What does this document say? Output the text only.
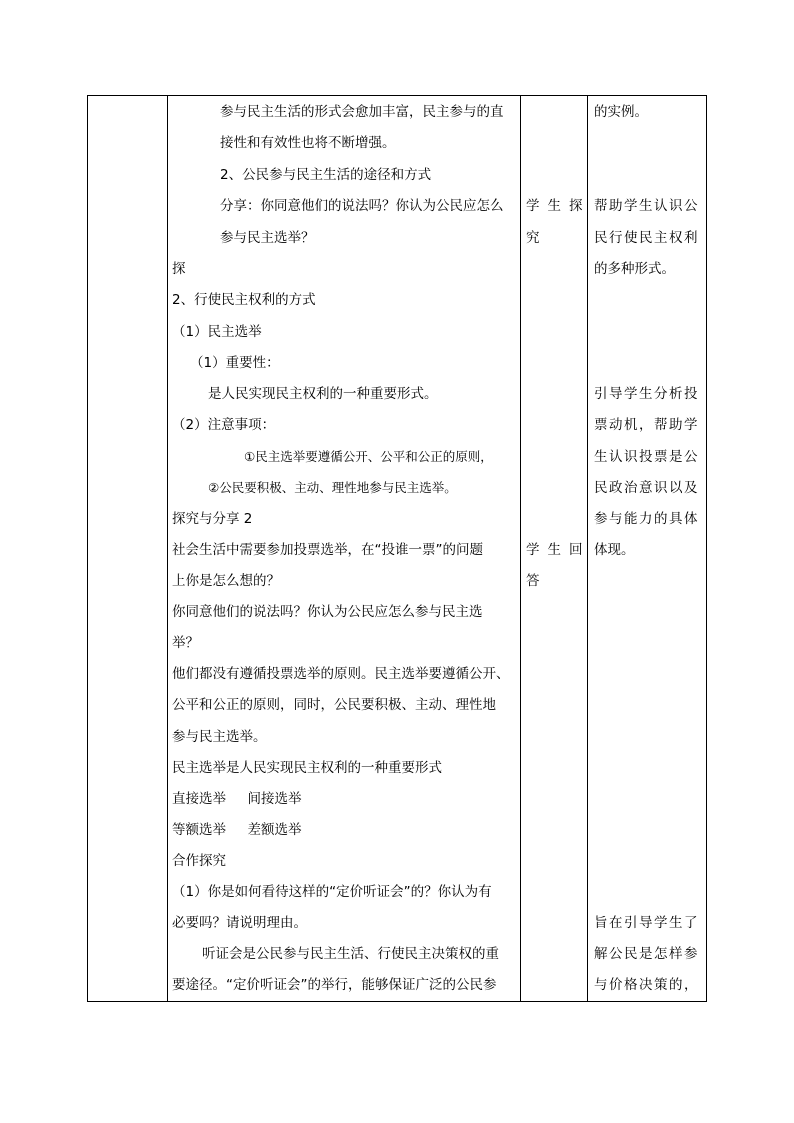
参与民主生活的形式会愈加丰富，民主参与的直
接性和有效性也将不断增强。
2、公民参与民主生活的途径和方式
分享：你同意他们的说法吗？你认为公民应怎么
参与民主选举？
探
2、行使民主权利的方式
（1）民主选举
（1）重要性：
是人民实现民主权利的一种重要形式。
（2）注意事项：
①民主选举要遵循公开、公平和公正的原则，
②公民要积极、主动、理性地参与民主选举。
探究与分享 2
社会生活中需要参加投票选举，在“投谁一票”的问题
上你是怎么想的？
你同意他们的说法吗？你认为公民应怎么参与民主选
举？
他们都没有遵循投票选举的原则。民主选举要遵循公开、
公平和公正的原则，同时，公民要积极、主动、理性地
参与民主选举。
民主选举是人民实现民主权利的一种重要形式
直接选举     间接选举
等额选举     差额选举
合作探究
（1）你是如何看待这样的“定价听证会”的？你认为有
必要吗？请说明理由。
听证会是公民参与民主生活、行使民主决策权的重
要途径。“定价听证会”的举行，能够保证广泛的公民参
学生探
究
学生回
答
的实例。
帮助学生认识公
民行使民主权利
的多种形式。
引导学生分析投
票动机，帮助学
生认识投票是公
民政治意识以及
参与能力的具体
体现。
旨在引导学生了
解公民是怎样参
与价格决策的，
